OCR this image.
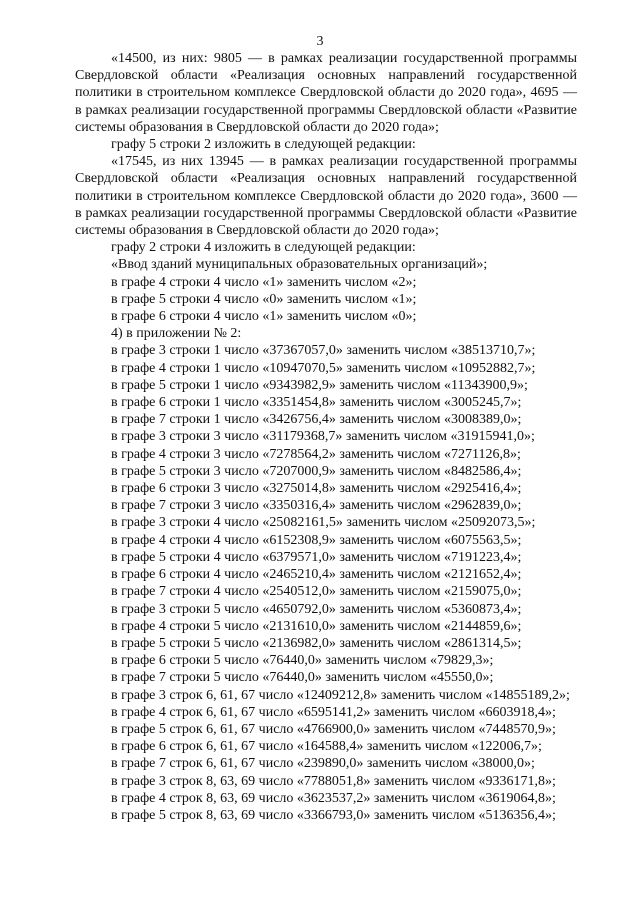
3

«14500, из них: 9805 — в рамках реализации государственной программы Свердловской области «Реализация основных направлений государственной политики в строительном комплексе Свердловской области до 2020 года», 4695 — в рамках реализации государственной программы Свердловской области «Развитие системы образования в Свердловской области до 2020 года»;

графу 5 строки 2 изложить в следующей редакции:

«17545, из них 13945 — в рамках реализации государственной программы Свердловской области «Реализация основных направлений государственной политики в строительном комплексе Свердловской области до 2020 года», 3600 — в рамках реализации государственной программы Свердловской области «Развитие системы образования в Свердловской области до 2020 года»;

графу 2 строки 4 изложить в следующей редакции:

«Ввод зданий муниципальных образовательных организаций»;

в графе 4 строки 4 число «1» заменить числом «2»;

в графе 5 строки 4 число «0» заменить числом «1»;

в графе 6 строки 4 число «1» заменить числом «0»;

4) в приложении № 2:

в графе 3 строки 1 число «37367057,0» заменить числом «38513710,7»;

в графе 4 строки 1 число «10947070,5» заменить числом «10952882,7»;

в графе 5 строки 1 число «9343982,9» заменить числом «11343900,9»;

в графе 6 строки 1 число «3351454,8» заменить числом «3005245,7»;

в графе 7 строки 1 число «3426756,4» заменить числом «3008389,0»;

в графе 3 строки 3 число «31179368,7» заменить числом «31915941,0»;

в графе 4 строки 3 число «7278564,2» заменить числом «7271126,8»;

в графе 5 строки 3 число «7207000,9» заменить числом «8482586,4»;

в графе 6 строки 3 число «3275014,8» заменить числом «2925416,4»;

в графе 7 строки 3 число «3350316,4» заменить числом «2962839,0»;

в графе 3 строки 4 число «25082161,5» заменить числом «25092073,5»;

в графе 4 строки 4 число «6152308,9» заменить числом «6075563,5»;

в графе 5 строки 4 число «6379571,0» заменить числом «7191223,4»;

в графе 6 строки 4 число «2465210,4» заменить числом «2121652,4»;

в графе 7 строки 4 число «2540512,0» заменить числом «2159075,0»;

в графе 3 строки 5 число «4650792,0» заменить числом «5360873,4»;

в графе 4 строки 5 число «2131610,0» заменить числом «2144859,6»;

в графе 5 строки 5 число «2136982,0» заменить числом «2861314,5»;

в графе 6 строки 5 число «76440,0» заменить числом «79829,3»;

в графе 7 строки 5 число «76440,0» заменить числом «45550,0»;

в графе 3 строк 6, 61, 67 число «12409212,8» заменить числом «14855189,2»;

в графе 4 строк 6, 61, 67 число «6595141,2» заменить числом «6603918,4»;

в графе 5 строк 6, 61, 67 число «4766900,0» заменить числом «7448570,9»;

в графе 6 строк 6, 61, 67 число «164588,4» заменить числом «122006,7»;

в графе 7 строк 6, 61, 67 число «239890,0» заменить числом «38000,0»;

в графе 3 строк 8, 63, 69 число «7788051,8» заменить числом «9336171,8»;

в графе 4 строк 8, 63, 69 число «3623537,2» заменить числом «3619064,8»;

в графе 5 строк 8, 63, 69 число «3366793,0» заменить числом «5136356,4»;
